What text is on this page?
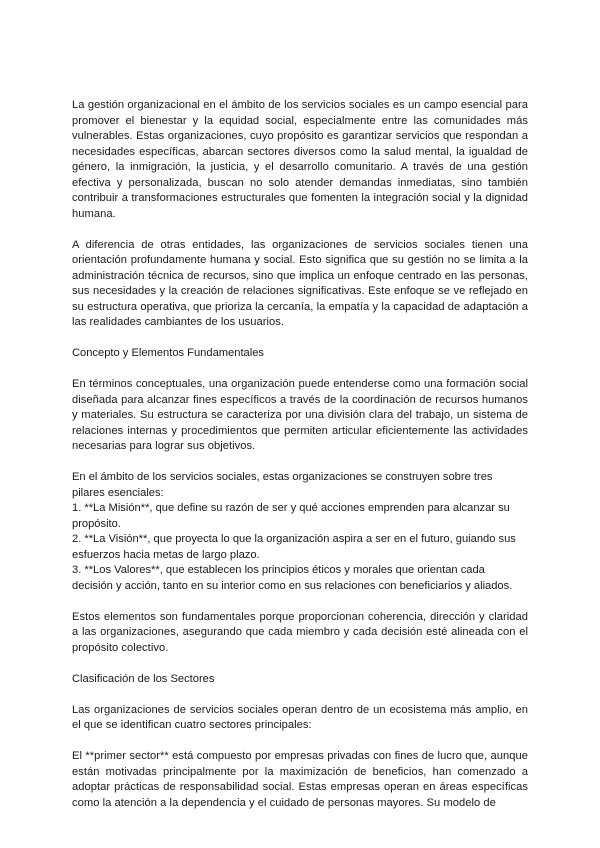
La gestión organizacional en el ámbito de los servicios sociales es un campo esencial para promover el bienestar y la equidad social, especialmente entre las comunidades más vulnerables. Estas organizaciones, cuyo propósito es garantizar servicios que respondan a necesidades específicas, abarcan sectores diversos como la salud mental, la igualdad de género, la inmigración, la justicia, y el desarrollo comunitario. A través de una gestión efectiva y personalizada, buscan no solo atender demandas inmediatas, sino también contribuir a transformaciones estructurales que fomenten la integración social y la dignidad humana.

A diferencia de otras entidades, las organizaciones de servicios sociales tienen una orientación profundamente humana y social. Esto significa que su gestión no se limita a la administración técnica de recursos, sino que implica un enfoque centrado en las personas, sus necesidades y la creación de relaciones significativas. Este enfoque se ve reflejado en su estructura operativa, que prioriza la cercanía, la empatía y la capacidad de adaptación a las realidades cambiantes de los usuarios.

Concepto y Elementos Fundamentales

En términos conceptuales, una organización puede entenderse como una formación social diseñada para alcanzar fines específicos a través de la coordinación de recursos humanos y materiales. Su estructura se caracteriza por una división clara del trabajo, un sistema de relaciones internas y procedimientos que permiten articular eficientemente las actividades necesarias para lograr sus objetivos.

En el ámbito de los servicios sociales, estas organizaciones se construyen sobre tres pilares esenciales:

1. **La Misión**, que define su razón de ser y qué acciones emprenden para alcanzar su propósito.
2. **La Visión**, que proyecta lo que la organización aspira a ser en el futuro, guiando sus esfuerzos hacia metas de largo plazo.
3. **Los Valores**, que establecen los principios éticos y morales que orientan cada decisión y acción, tanto en su interior como en sus relaciones con beneficiarios y aliados.

Estos elementos son fundamentales porque proporcionan coherencia, dirección y claridad a las organizaciones, asegurando que cada miembro y cada decisión esté alineada con el propósito colectivo.

Clasificación de los Sectores

Las organizaciones de servicios sociales operan dentro de un ecosistema más amplio, en el que se identifican cuatro sectores principales:

El **primer sector** está compuesto por empresas privadas con fines de lucro que, aunque están motivadas principalmente por la maximización de beneficios, han comenzado a adoptar prácticas de responsabilidad social. Estas empresas operan en áreas específicas como la atención a la dependencia y el cuidado de personas mayores. Su modelo de
